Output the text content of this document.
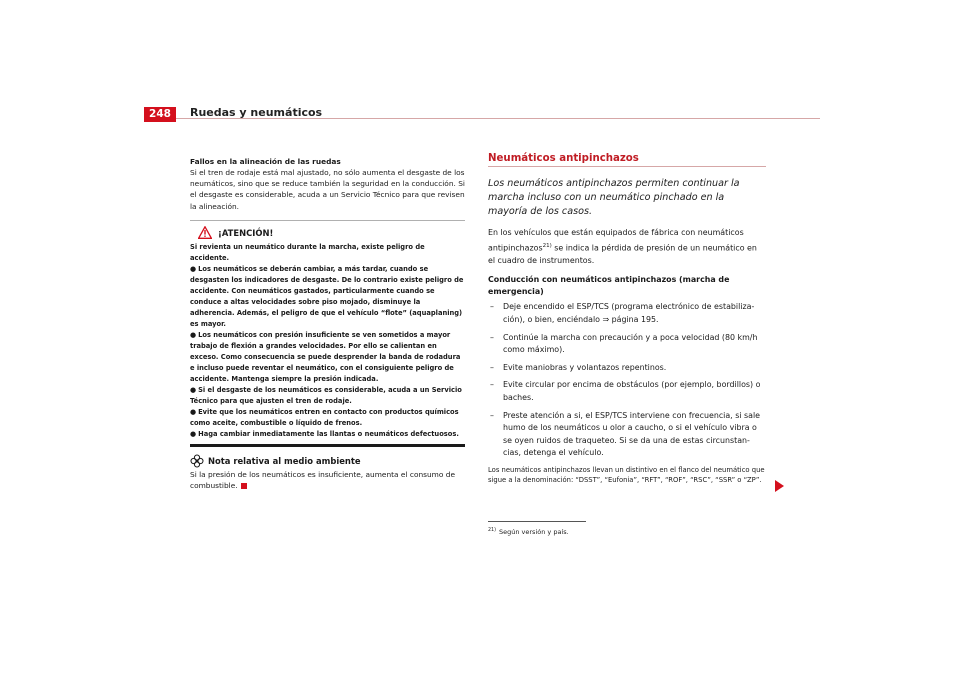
248	Ruedas y neumáticos
Fallos en la alineación de las ruedas

Si el tren de rodaje está mal ajustado, no sólo aumenta el desgaste de los neumáticos, sino que se reduce también la seguridad en la conducción. Si el desgaste es considerable, acuda a un Servicio Técnico para que revisen la alineación.

¡ATENCIÓN!

Si revienta un neumático durante la marcha, existe peligro de accidente.

● Los neumáticos se deberán cambiar, a más tardar, cuando se desgasten los indicadores de desgaste. De lo contrario existe peligro de accidente. Con neumáticos gastados, particularmente cuando se conduce a altas velocidades sobre piso mojado, disminuye la adherencia. Además, el peligro de que el vehículo “flote” (aquaplaning) es mayor.

● Los neumáticos con presión insuficiente se ven sometidos a mayor trabajo de flexión a grandes velocidades. Por ello se calientan en exceso. Como consecuencia se puede desprender la banda de rodadura e incluso puede reventar el neumático, con el consiguiente peligro de accidente. Mantenga siempre la presión indicada.

● Si el desgaste de los neumáticos es considerable, acuda a un Servicio Técnico para que ajusten el tren de rodaje.

● Evite que los neumáticos entren en contacto con productos químicos como aceite, combustible o líquido de frenos.

● Haga cambiar inmediatamente las llantas o neumáticos defectuosos.

Nota relativa al medio ambiente

Si la presión de los neumáticos es insuficiente, aumenta el consumo de combustible.

Neumáticos antipinchazos

Los neumáticos antipinchazos permiten continuar la marcha incluso con un neumático pinchado en la mayoría de los casos.

En los vehículos que están equipados de fábrica con neumáticos antipinchazos$^{21)}$ se indica la pérdida de presión de un neumático en el cuadro de instrumentos.

Conducción con neumáticos antipinchazos (marcha de emergencia)

– Deje encendido el ESP/TCS (programa electrónico de estabiliza-ción), o bien, enciéndalo ⇒ página 195.

– Continúe la marcha con precaución y a poca velocidad (80 km/h como máximo).

– Evite maniobras y volantazos repentinos.

– Evite circular por encima de obstáculos (por ejemplo, bordillos) o baches.

– Preste atención a si, el ESP/TCS interviene con frecuencia, si sale humo de los neumáticos u olor a caucho, o si el vehículo vibra o se oyen ruidos de traqueteo. Si se da una de estas circunstan-cias, detenga el vehículo.

Los neumáticos antipinchazos llevan un distintivo en el flanco del neumático que sigue a la denominación: “DSST”, “Eufonia”, “RFT”, “ROF”, “RSC”, “SSR” o “ZP”.

$^{21)}$ Según versión y país.
